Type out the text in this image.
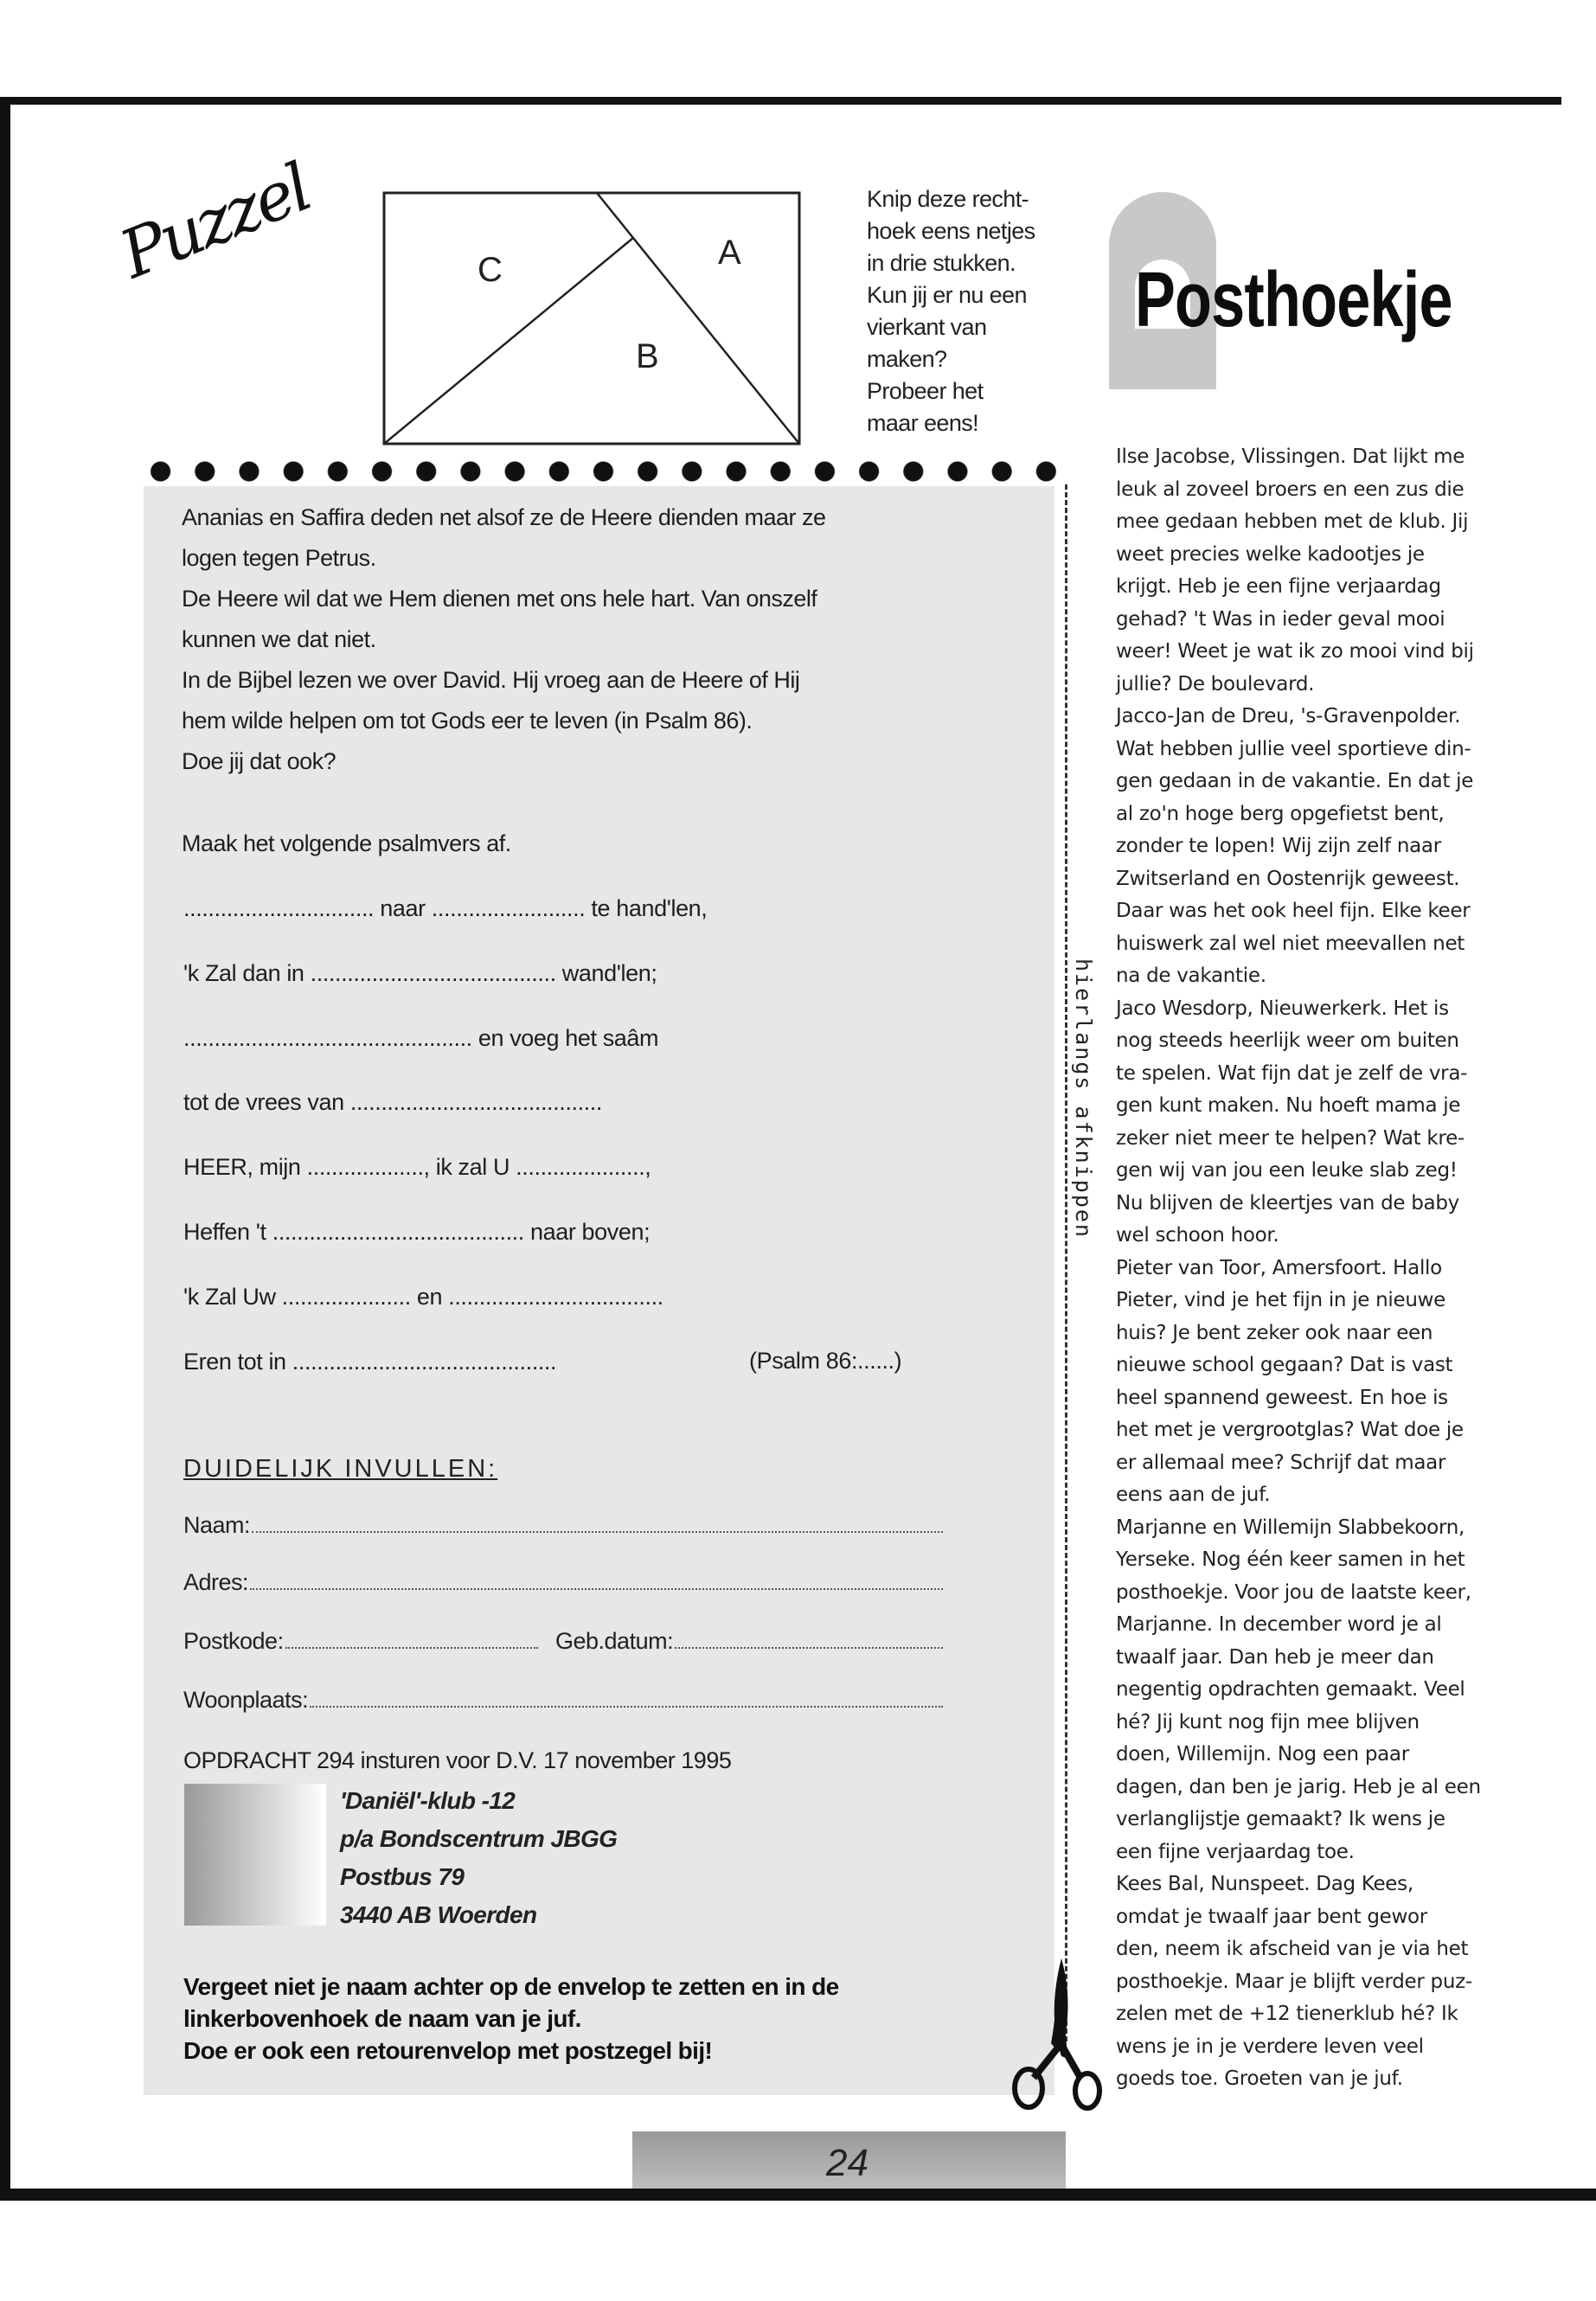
Puzzel	A
B
C
Knip deze recht-
hoek eens netjes
in drie stukken.
Kun jij er nu een
vierkant van
maken?
Probeer het
maar eens!
Posthoekje
hierlangs afknippen
Ananias en Saffira deden net alsof ze de Heere dienden maar ze
logen tegen Petrus.
De Heere wil dat we Hem dienen met ons hele hart. Van onszelf
kunnen we dat niet.
In de Bijbel lezen we over David. Hij vroeg aan de Heere of Hij
hem wilde helpen om tot Gods eer te leven (in Psalm 86).
Doe jij dat ook?
Maak het volgende psalmvers af.
............................... naar ......................... te hand'len,
'k Zal dan in ........................................ wand'len;
............................................... en voeg het saâm
tot de vrees van .........................................
HEER, mijn ..................., ik zal U .....................,
Heffen 't ......................................... naar boven;
'k Zal Uw ..................... en ...................................
Eren tot in ...........................................	(Psalm 86:......)
DUIDELIJK INVULLEN:
Naam:
Adres:
Postkode:	Geb.datum:
Woonplaats:
OPDRACHT 294 insturen voor D.V. 17 november 1995
'Daniël'-klub -12
p/a Bondscentrum JBGG
Postbus 79
3440 AB Woerden
Vergeet niet je naam achter op de envelop te zetten en in de
linkerbovenhoek de naam van je juf.
Doe er ook een retourenvelop met postzegel bij!
Ilse Jacobse, Vlissingen. Dat lijkt me
leuk al zoveel broers en een zus die
mee gedaan hebben met de klub. Jij
weet precies welke kadootjes je
krijgt. Heb je een fijne verjaardag
gehad? 't Was in ieder geval mooi
weer! Weet je wat ik zo mooi vind bij
jullie? De boulevard.
Jacco-Jan de Dreu, 's-Gravenpolder.
Wat hebben jullie veel sportieve din-
gen gedaan in de vakantie. En dat je
al zo'n hoge berg opgefietst bent,
zonder te lopen! Wij zijn zelf naar
Zwitserland en Oostenrijk geweest.
Daar was het ook heel fijn. Elke keer
huiswerk zal wel niet meevallen net
na de vakantie.
Jaco Wesdorp, Nieuwerkerk. Het is
nog steeds heerlijk weer om buiten
te spelen. Wat fijn dat je zelf de vra-
gen kunt maken. Nu hoeft mama je
zeker niet meer te helpen? Wat kre-
gen wij van jou een leuke slab zeg!
Nu blijven de kleertjes van de baby
wel schoon hoor.
Pieter van Toor, Amersfoort. Hallo
Pieter, vind je het fijn in je nieuwe
huis? Je bent zeker ook naar een
nieuwe school gegaan? Dat is vast
heel spannend geweest. En hoe is
het met je vergrootglas? Wat doe je
er allemaal mee? Schrijf dat maar
eens aan de juf.
Marjanne en Willemijn Slabbekoorn,
Yerseke. Nog één keer samen in het
posthoekje. Voor jou de laatste keer,
Marjanne. In december word je al
twaalf jaar. Dan heb je meer dan
negentig opdrachten gemaakt. Veel
hé? Jij kunt nog fijn mee blijven
doen, Willemijn. Nog een paar
dagen, dan ben je jarig. Heb je al een
verlanglijstje gemaakt? Ik wens je
een fijne verjaardag toe.
Kees Bal, Nunspeet. Dag Kees,
omdat je twaalf jaar bent gewor
den, neem ik afscheid van je via het
posthoekje. Maar je blijft verder puz-
zelen met de +12 tienerklub hé? Ik
wens je in je verdere leven veel
goeds toe. Groeten van je juf.
24
